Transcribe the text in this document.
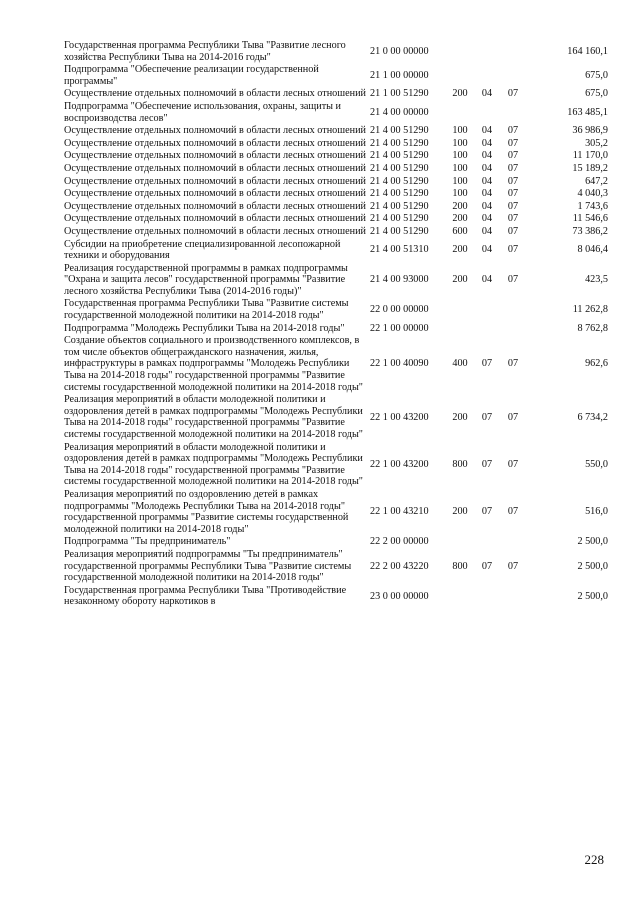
Государственная программа Республики Тыва "Развитие лесного хозяйства Республики Тыва на 2014-2016 годы"	21 0 00 00000				164 160,1
Подпрограмма "Обеспечение реализации государственной программы"	21 1 00 00000				675,0
Осуществление отдельных полномочий в области лесных отношений	21 1 00 51290	200	04	07	675,0
Подпрограмма "Обеспечение использования, охраны, защиты и воспроизводства лесов"	21 4 00 00000				163 485,1
Осуществление отдельных полномочий в области лесных отношений	21 4 00 51290	100	04	07	36 986,9
Осуществление отдельных полномочий в области лесных отношений	21 4 00 51290	100	04	07	305,2
Осуществление отдельных полномочий в области лесных отношений	21 4 00 51290	100	04	07	11 170,0
Осуществление отдельных полномочий в области лесных отношений	21 4 00 51290	100	04	07	15 189,2
Осуществление отдельных полномочий в области лесных отношений	21 4 00 51290	100	04	07	647,2
Осуществление отдельных полномочий в области лесных отношений	21 4 00 51290	100	04	07	4 040,3
Осуществление отдельных полномочий в области лесных отношений	21 4 00 51290	200	04	07	1 743,6
Осуществление отдельных полномочий в области лесных отношений	21 4 00 51290	200	04	07	11 546,6
Осуществление отдельных полномочий в области лесных отношений	21 4 00 51290	600	04	07	73 386,2
Субсидии на приобретение специализированной лесопожарной техники и оборудования	21 4 00 51310	200	04	07	8 046,4
Реализация государственной программы в рамках подпрограммы "Охрана и защита лесов" государственной программы "Развитие лесного хозяйства Республики Тыва (2014-2016 годы)"	21 4 00 93000	200	04	07	423,5
Государственная программа Республики Тыва "Развитие системы государственной молодежной политики на 2014-2018 годы"	22 0 00 00000				11 262,8
Подпрограмма "Молодежь Республики Тыва на 2014-2018 годы"	22 1 00 00000				8 762,8
Создание объектов социального и производственного комплексов, в том числе объектов общегражданского назначения, жилья, инфраструктуры в рамках подпрограммы "Молодежь Республики Тыва на 2014-2018 годы" государственной программы "Развитие системы государственной молодежной политики на 2014-2018 годы"	22 1 00 40090	400	07	07	962,6
Реализация мероприятий в области молодежной политики и оздоровления детей в рамках подпрограммы "Молодежь Республики Тыва на 2014-2018 годы" государственной программы "Развитие системы государственной молодежной политики на 2014-2018 годы"	22 1 00 43200	200	07	07	6 734,2
Реализация мероприятий в области молодежной политики и оздоровления детей в рамках подпрограммы "Молодежь Республики Тыва на 2014-2018 годы" государственной программы "Развитие системы государственной молодежной политики на 2014-2018 годы"	22 1 00 43200	800	07	07	550,0
Реализация мероприятий по оздоровлению детей в рамках подпрограммы "Молодежь Республики Тыва на 2014-2018 годы" государственной программы "Развитие системы государственной молодежной политики на 2014-2018 годы"	22 1 00 43210	200	07	07	516,0
Подпрограмма "Ты предприниматель"	22 2 00 00000				2 500,0
Реализация мероприятий подпрограммы "Ты предприниматель" государственной программы Республики Тыва "Развитие системы государственной молодежной политики на 2014-2018 годы"	22 2 00 43220	800	07	07	2 500,0
Государственная программа Республики Тыва "Противодействие незаконному обороту наркотиков в	23 0 00 00000				2 500,0
228
